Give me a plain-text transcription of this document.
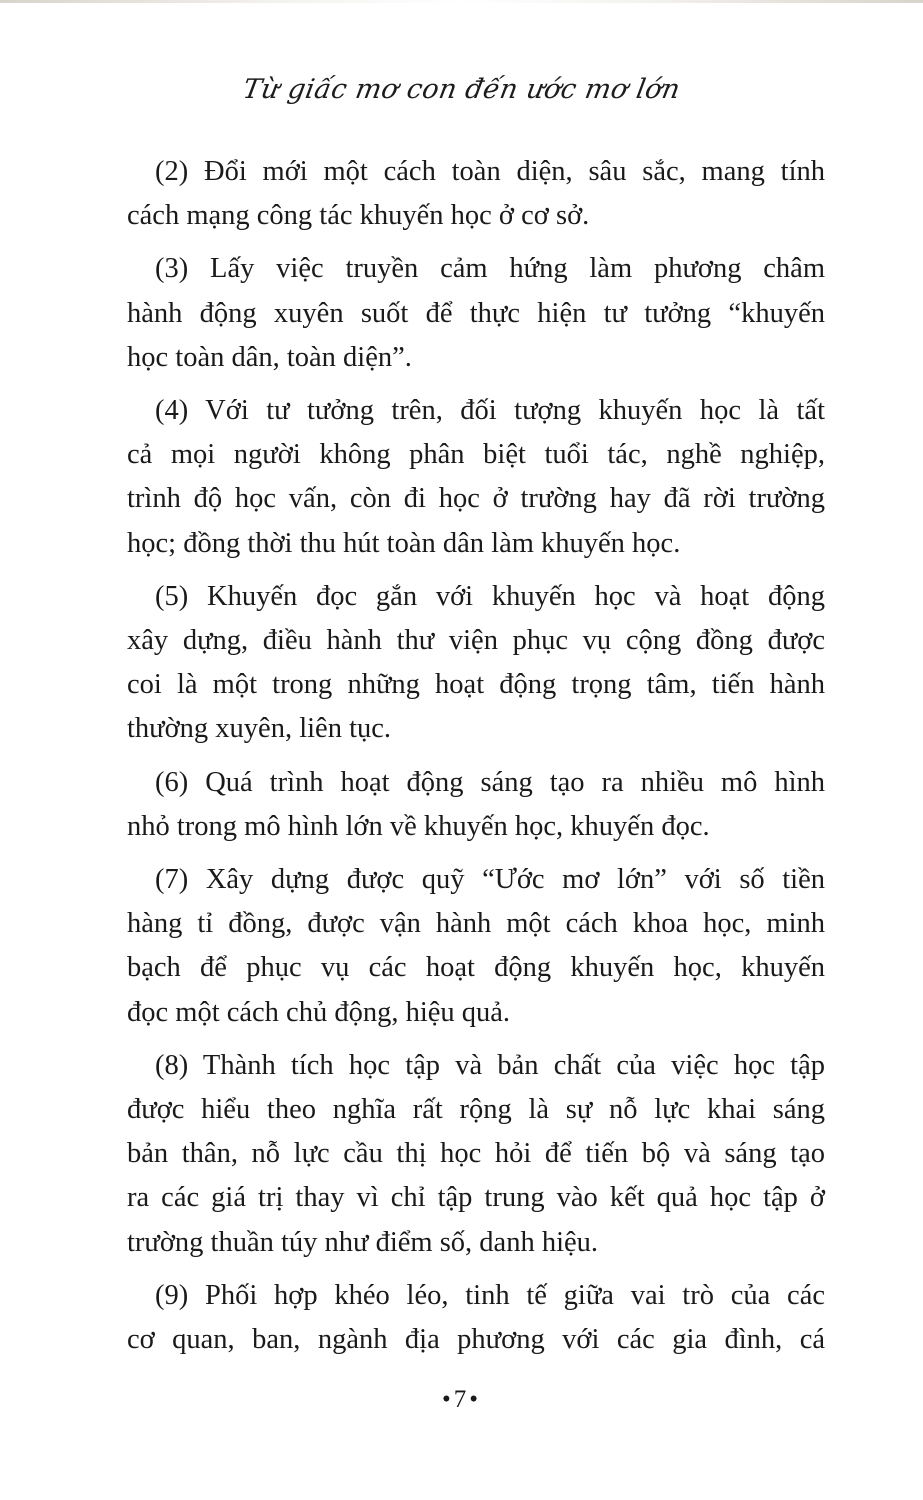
Từ giấc mơ con đến ước mơ lớn
(2) Đổi mới một cách toàn diện, sâu sắc, mang tính
cách mạng công tác khuyến học ở cơ sở.
(3) Lấy việc truyền cảm hứng làm phương châm
hành động xuyên suốt để thực hiện tư tưởng “khuyến
học toàn dân, toàn diện”.
(4) Với tư tưởng trên, đối tượng khuyến học là tất
cả mọi người không phân biệt tuổi tác, nghề nghiệp,
trình độ học vấn, còn đi học ở trường hay đã rời trường
học; đồng thời thu hút toàn dân làm khuyến học.
(5) Khuyến đọc gắn với khuyến học và hoạt động
xây dựng, điều hành thư viện phục vụ cộng đồng được
coi là một trong những hoạt động trọng tâm, tiến hành
thường xuyên, liên tục.
(6) Quá trình hoạt động sáng tạo ra nhiều mô hình
nhỏ trong mô hình lớn về khuyến học, khuyến đọc.
(7) Xây dựng được quỹ “Ước mơ lớn” với số tiền
hàng tỉ đồng, được vận hành một cách khoa học, minh
bạch để phục vụ các hoạt động khuyến học, khuyến
đọc một cách chủ động, hiệu quả.
(8) Thành tích học tập và bản chất của việc học tập
được hiểu theo nghĩa rất rộng là sự nỗ lực khai sáng
bản thân, nỗ lực cầu thị học hỏi để tiến bộ và sáng tạo
ra các giá trị thay vì chỉ tập trung vào kết quả học tập ở
trường thuần túy như điểm số, danh hiệu.
(9) Phối hợp khéo léo, tinh tế giữa vai trò của các
cơ quan, ban, ngành địa phương với các gia đình, cá
•7•
